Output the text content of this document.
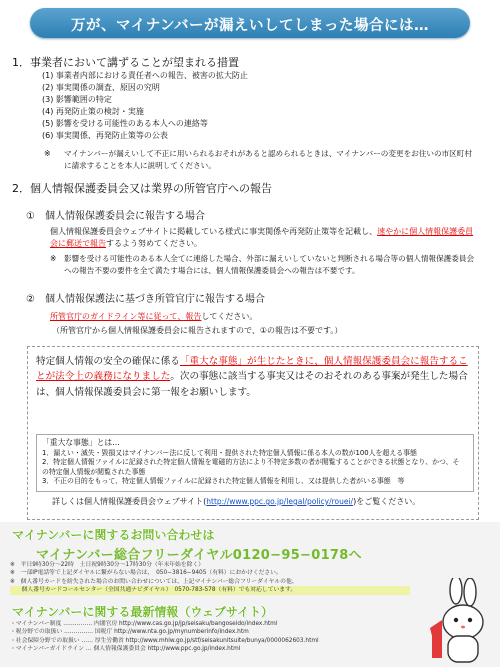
万が、マイナンバーが漏えいしてしまった場合には…
1．事業者において講ずることが望まれる措置
(1) 事業者内部における責任者への報告、被害の拡大防止
(2) 事実関係の調査、原因の究明
(3) 影響範囲の特定
(4) 再発防止策の検討・実施
(5) 影響を受ける可能性のある本人への連絡等
(6) 事実関係、再発防止策等の公表
※ マイナンバーが漏えいして不正に用いられるおそれがあると認められるときは、マイナンバーの変更をお住いの市区町村に請求することを本人に説明してください。
2．個人情報保護委員会又は業界の所管官庁への報告
①　個人情報保護委員会に報告する場合
個人情報保護委員会ウェブサイトに掲載している様式に事実関係や再発防止策等を記載し、速やかに個人情報保護委員会に郵送で報告するよう努めてください。
※ 影響を受ける可能性のある本人全てに連絡した場合、外部に漏えいしていないと判断される場合等の個人情報保護委員会への報告不要の要件を全て満たす場合には、個人情報保護委員会への報告は不要です。
②　個人情報保護法に基づき所管官庁に報告する場合
所管官庁のガイドライン等に従って、報告してください。
（所管官庁から個人情報保護委員会に報告されますので、①の報告は不要です。）
特定個人情報の安全の確保に係る「重大な事態」が生じたときに、個人情報保護委員会に報告することが法令上の義務になりました。次の事態に該当する事実又はそのおそれのある事案が発生した場合は、個人情報保護委員会に第一報をお願いします。
「重大な事態」とは…
1．漏えい・滅失・毀損又はマイナンバー法に反して利用・提供された特定個人情報に係る本人の数が100人を超える事態
2．特定個人情報ファイルに記録された特定個人情報を電磁的方法により不特定多数の者が閲覧することができる状態となり、かつ、その特定個人情報が閲覧された事態
3．不正の目的をもって、特定個人情報ファイルに記録された特定個人情報を利用し、又は提供した者がいる事態　等
詳しくは個人情報保護委員会ウェブサイト(http://www.ppc.go.jp/legal/policy/rouei/)をご覧ください。
マイナンバーに関するお問い合わせは
マイナンバー総合フリーダイヤル0120−95−0178へ
※　平日9時30分〜22時　土日祝9時30分〜17時30分（年末年始を除く）
※　一部IP電話等で上記ダイヤルに繋がらない場合は、　050−3816−9405（有料）におかけください。
※　個人番号カードを紛失された場合のお問い合わせについては、上記マイナンバー総合フリーダイヤルの他、
　　個人番号カードコールセンター（全国共通ナビダイヤル）　0570-783-578（有料）でも対応しています。
マイナンバーに関する最新情報（ウェブサイト）
・マイナンバー制度 …………… 内閣官房 http://www.cas.go.jp/jp/seisaku/bangoseido/index.html
・税分野での取扱い …………… 国税庁 http://www.nta.go.jp/mynumberinfo/index.htm
・社会保障分野での取扱い …… 厚生労働省 http://www.mhlw.go.jp/stf/seisakunitsuite/bunya/0000062603.html
・マイナンバーガイドライン … 個人情報保護委員会 http://www.ppc.go.jp/index.html
